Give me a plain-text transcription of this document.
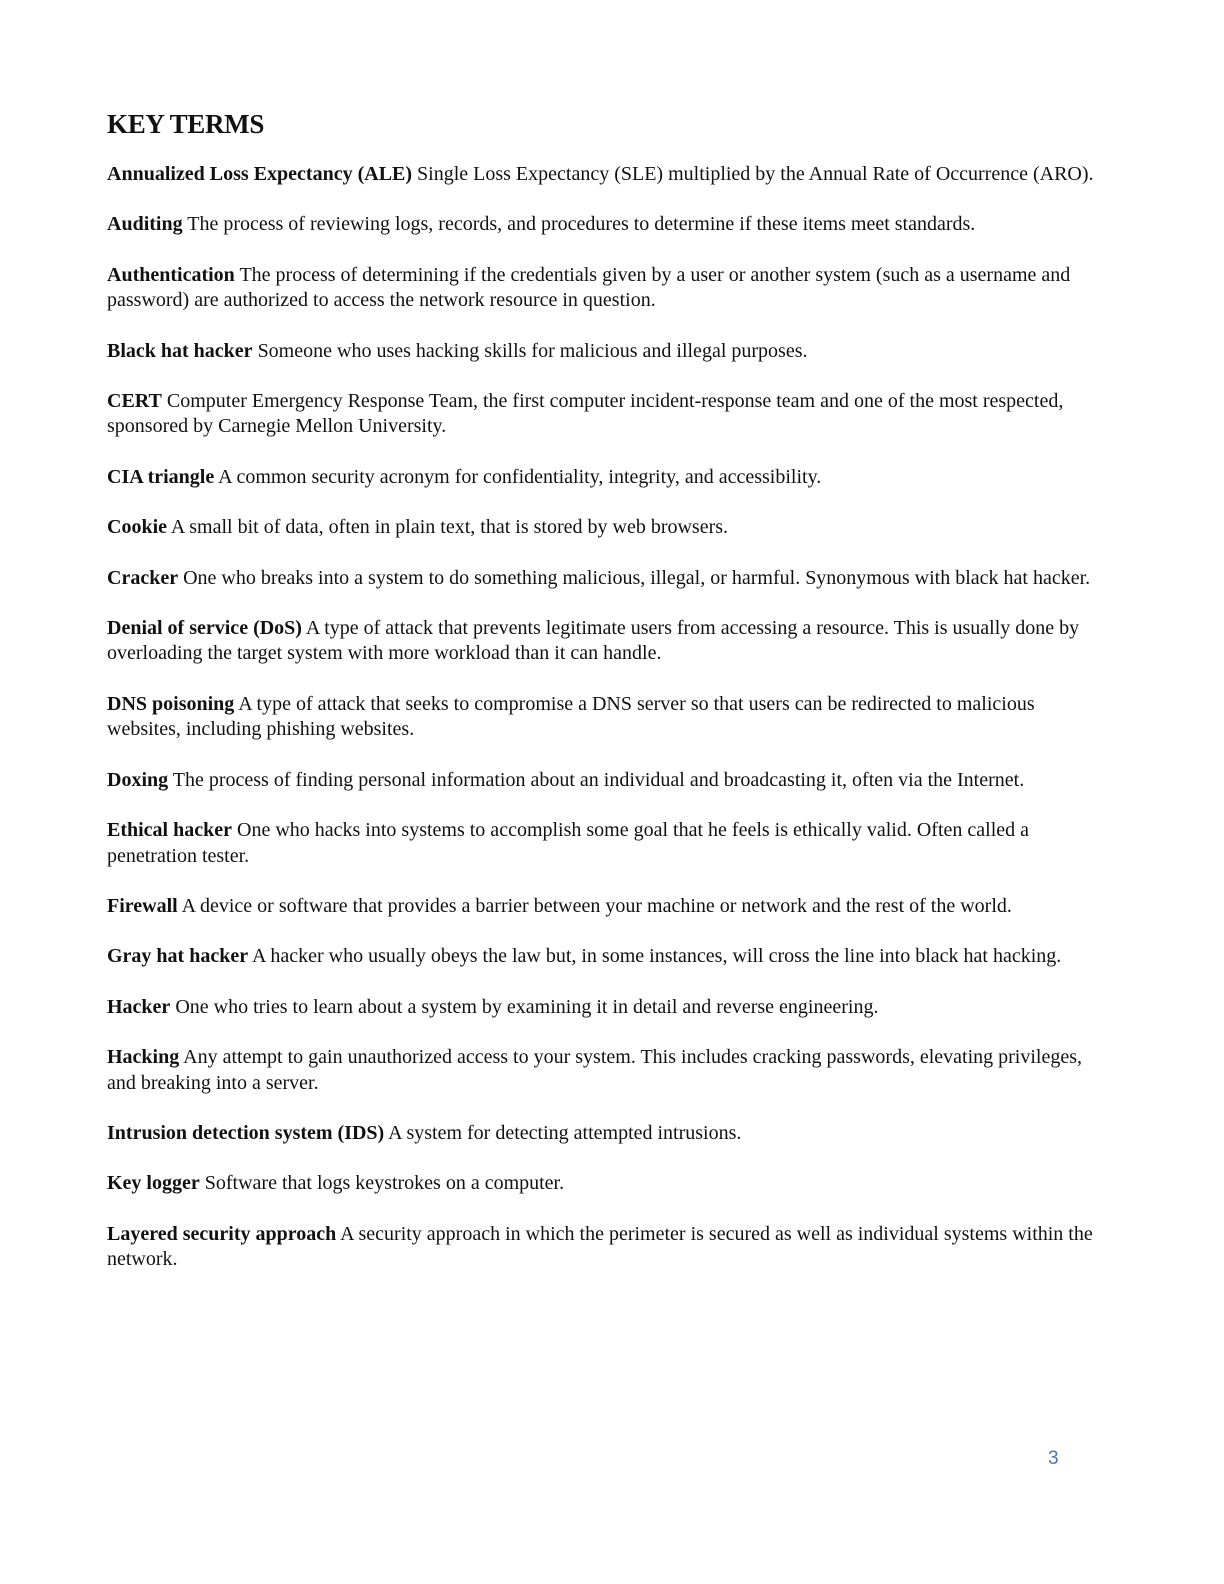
KEY TERMS

Annualized Loss Expectancy (ALE) Single Loss Expectancy (SLE) multiplied by the Annual Rate of Occurrence (ARO).

Auditing The process of reviewing logs, records, and procedures to determine if these items meet standards.

Authentication The process of determining if the credentials given by a user or another system (such as a username and password) are authorized to access the network resource in question.

Black hat hacker Someone who uses hacking skills for malicious and illegal purposes.

CERT Computer Emergency Response Team, the first computer incident-response team and one of the most respected, sponsored by Carnegie Mellon University.

CIA triangle A common security acronym for confidentiality, integrity, and accessibility.

Cookie A small bit of data, often in plain text, that is stored by web browsers.

Cracker One who breaks into a system to do something malicious, illegal, or harmful. Synonymous with black hat hacker.

Denial of service (DoS) A type of attack that prevents legitimate users from accessing a resource. This is usually done by overloading the target system with more workload than it can handle.

DNS poisoning A type of attack that seeks to compromise a DNS server so that users can be redirected to malicious websites, including phishing websites.

Doxing The process of finding personal information about an individual and broadcasting it, often via the Internet.

Ethical hacker One who hacks into systems to accomplish some goal that he feels is ethically valid. Often called a penetration tester.

Firewall A device or software that provides a barrier between your machine or network and the rest of the world.

Gray hat hacker A hacker who usually obeys the law but, in some instances, will cross the line into black hat hacking.

Hacker One who tries to learn about a system by examining it in detail and reverse engineering.

Hacking Any attempt to gain unauthorized access to your system. This includes cracking passwords, elevating privileges, and breaking into a server.

Intrusion detection system (IDS) A system for detecting attempted intrusions.

Key logger Software that logs keystrokes on a computer.

Layered security approach A security approach in which the perimeter is secured as well as individual systems within the network.

3
